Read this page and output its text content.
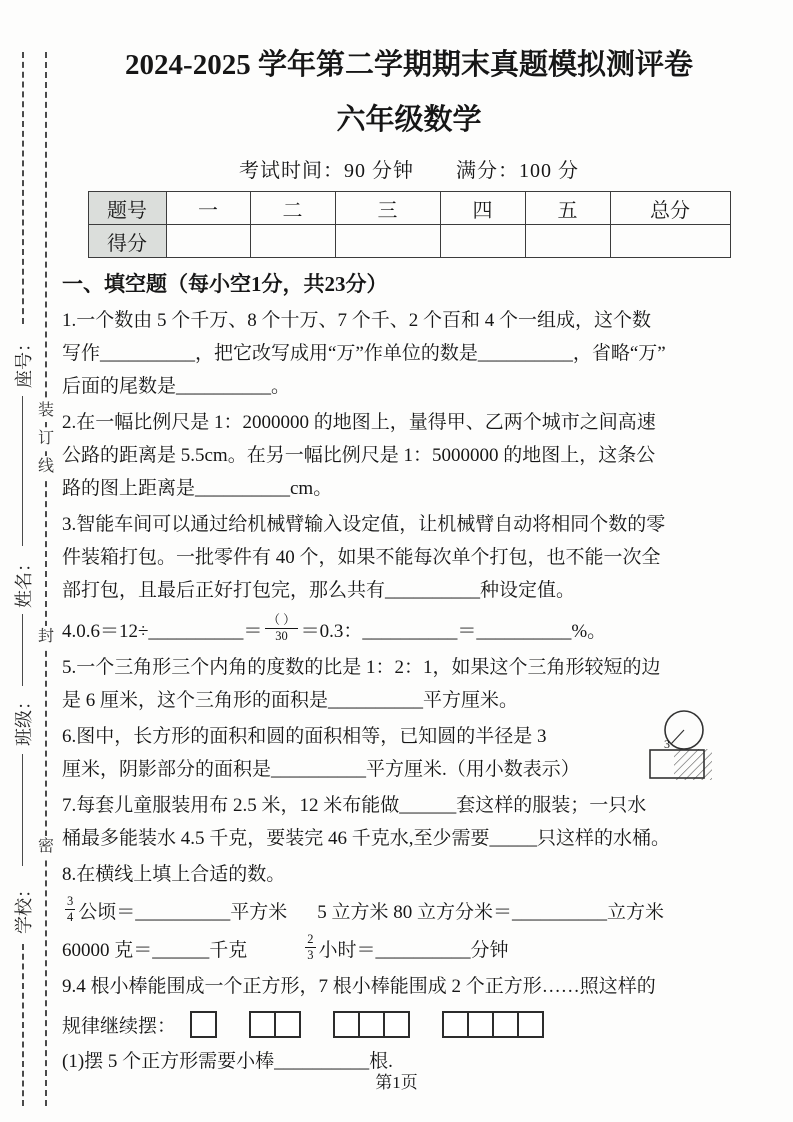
座号：
姓名：
班级：
学校：
装
订
线
封
密
2024-2025 学年第二学期期末真题模拟测评卷
六年级数学
考试时间：90 分钟　　满分：100 分
题号	一	二	三	四	五	总分
得分						
一、填空题（每小空1分，共23分）
1.一个数由 5 个千万、8 个十万、7 个千、2 个百和 4 个一组成，这个数
写作__________，把它改写成用“万”作单位的数是__________，省略“万”
后面的尾数是__________。
2.在一幅比例尺是 1：2000000 的地图上，量得甲、乙两个城市之间高速
公路的距离是 5.5cm。在另一幅比例尺是 1：5000000 的地图上，这条公
路的图上距离是__________cm。
3.智能车间可以通过给机械臂输入设定值，让机械臂自动将相同个数的零
件装箱打包。一批零件有 40 个，如果不能每次单个打包，也不能一次全
部打包，且最后正好打包完，那么共有__________种设定值。
4.0.6＝12÷__________＝ $\frac{( )}{30} =0.3$：__________＝__________%。
5.一个三角形三个内角的度数的比是 1：2：1，如果这个三角形较短的边
是 6 厘米，这个三角形的面积是__________平方厘米。
6.图中，长方形的面积和圆的面积相等，已知圆的半径是 3
厘米，阴影部分的面积是__________平方厘米.（用小数表示）
3
7.每套儿童服装用布 2.5 米，12 米布能做______套这样的服装；一只水
桶最多能装水 4.5 千克，要装完 46 千克水,至少需要_____只这样的水桶。
8.在横线上填上合适的数。
$\frac{3}{4}$ 公顷＝__________平方米 5 立方米 80 立方分米＝__________立方米
60000 克＝______千克	$\frac{2}{3}$ 小时＝__________分钟
9.4 根小棒能围成一个正方形，7 根小棒能围成 2 个正方形……照这样的
规律继续摆：
(1)摆 5 个正方形需要小棒__________根.
第1页
